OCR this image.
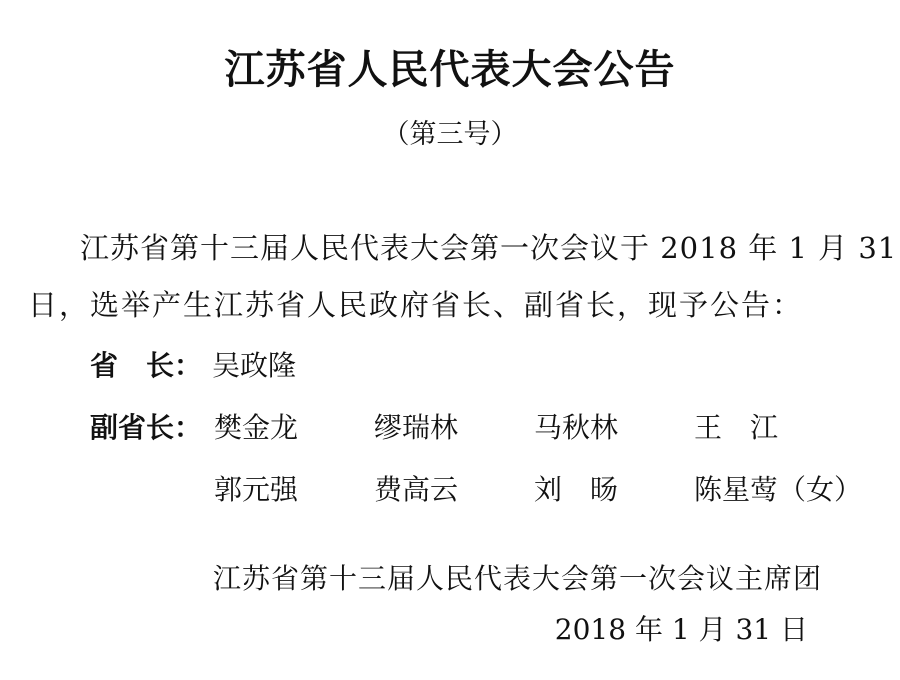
江苏省人民代表大会公告
（第三号）
江苏省第十三届人民代表大会第一次会议于 2018 年 1 月 31
日，选举产生江苏省人民政府省长、副省长，现予公告：
省　长： 吴政隆
副省长： 樊金龙	缪瑞林	马秋林	王　江
郭元强	费高云	刘　旸	陈星莺（女）
江苏省第十三届人民代表大会第一次会议主席团
2018 年 1 月 31 日
